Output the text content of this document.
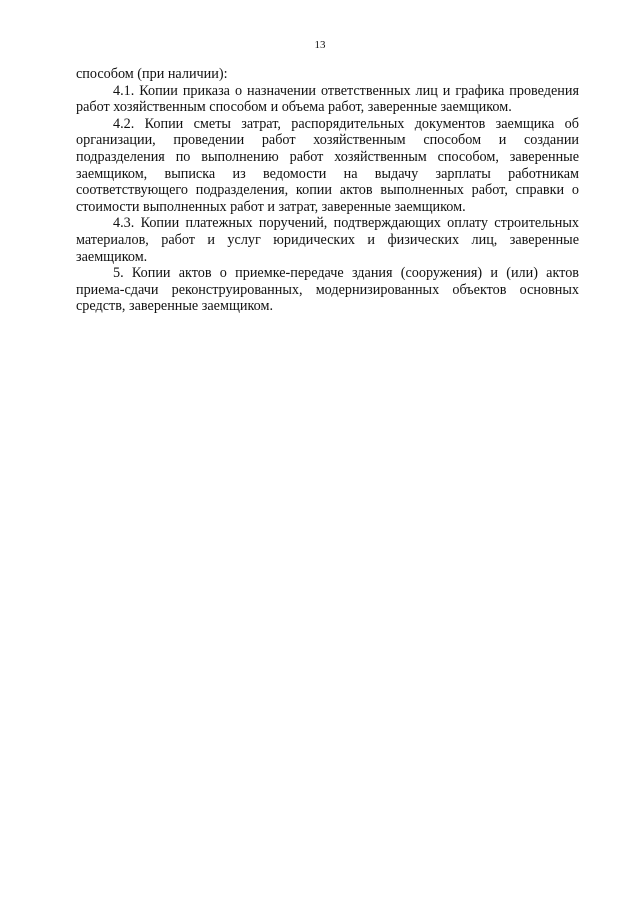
13

способом (при наличии):

4.1. Копии приказа о назначении ответственных лиц и графика проведения работ хозяйственным способом и объема работ, заверенные заемщиком.

4.2. Копии сметы затрат, распорядительных документов заемщика об организации, проведении работ хозяйственным способом и создании подразделения по выполнению работ хозяйственным способом, заверенные заемщиком, выписка из ведомости на выдачу зарплаты работникам соответствующего подразделения, копии актов выполненных работ, справки о стоимости выполненных работ и затрат, заверенные заемщиком.

4.3. Копии платежных поручений, подтверждающих оплату строительных материалов, работ и услуг юридических и физических лиц, заверенные заемщиком.

5. Копии актов о приемке-передаче здания (сооружения) и (или) актов приема-сдачи реконструированных, модернизированных объектов основных средств, заверенные заемщиком.
